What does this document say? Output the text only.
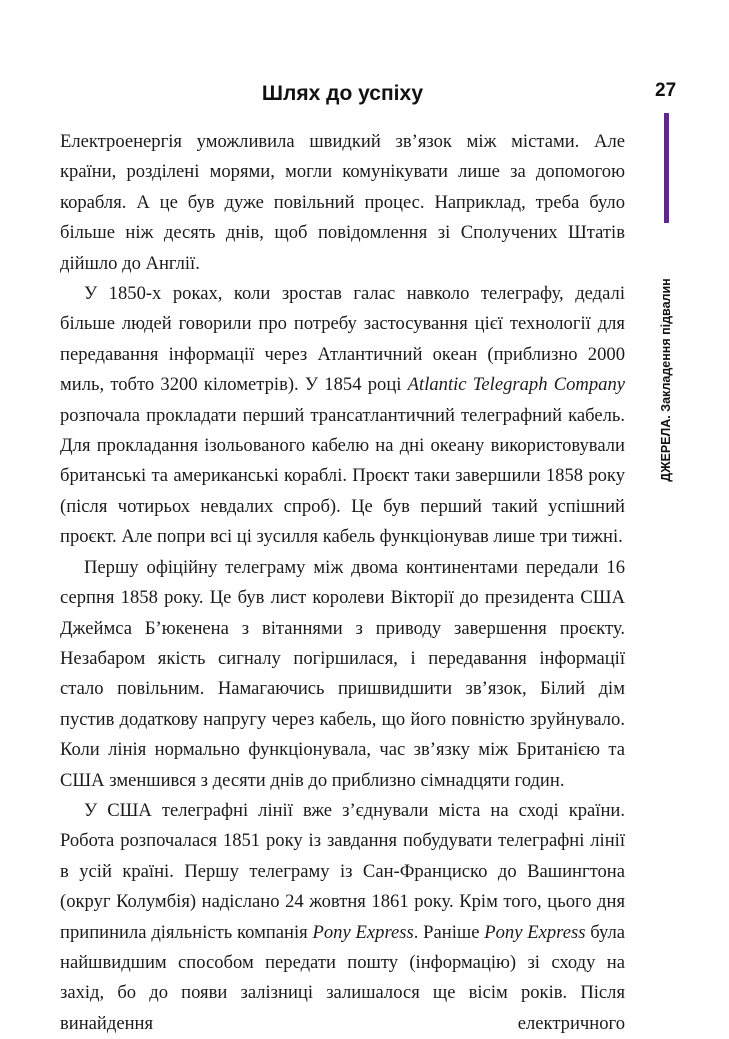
Шлях до успіху	27
ДЖЕРЕЛА. Закладення підвалин

Електроенергія уможливила швидкий зв’язок між містами. Але країни, розділені морями, могли комунікувати лише за допомогою корабля. А це був дуже повільний процес. Наприклад, треба було більше ніж десять днів, щоб повідомлення зі Сполучених Штатів дійшло до Англії.

У 1850-х роках, коли зростав галас навколо телеграфу, дедалі більше людей говорили про потребу застосування цієї технології для передавання інформації через Атлантичний океан (приблизно 2000 миль, тобто 3200 кілометрів). У 1854 році Atlantic Telegraph Company розпочала прокладати перший трансатлантичний телеграфний кабель. Для прокладання ізольованого кабелю на дні океану використовували британські та американські кораблі. Проєкт таки завершили 1858 року (після чотирьох невдалих спроб). Це був перший такий успішний проєкт. Але попри всі ці зусилля кабель функціонував лише три тижні.

Першу офіційну телеграму між двома континентами передали 16 серпня 1858 року. Це був лист королеви Вікторії до президента США Джеймса Б’юкенена з вітаннями з приводу завершення проєкту. Незабаром якість сигналу погіршилася, і передавання інформації стало повільним. Намагаючись пришвидшити зв’язок, Білий дім пустив додаткову напругу через кабель, що його повністю зруйнувало. Коли лінія нормально функціонувала, час зв’язку між Британією та США зменшився з десяти днів до приблизно сімнадцяти годин.

У США телеграфні лінії вже з’єднували міста на сході країни. Робота розпочалася 1851 року із завдання побудувати телеграфні лінії в усій країні. Першу телеграму із Сан-Франциско до Вашингтона (округ Колумбія) надіслано 24 жовтня 1861 року. Крім того, цього дня припинила діяльність компанія Pony Express. Раніше Pony Express була найшвидшим способом передати пошту (інформацію) зі сходу на захід, бо до появи залізниці залишалося ще вісім років. Після винайдення електричного
